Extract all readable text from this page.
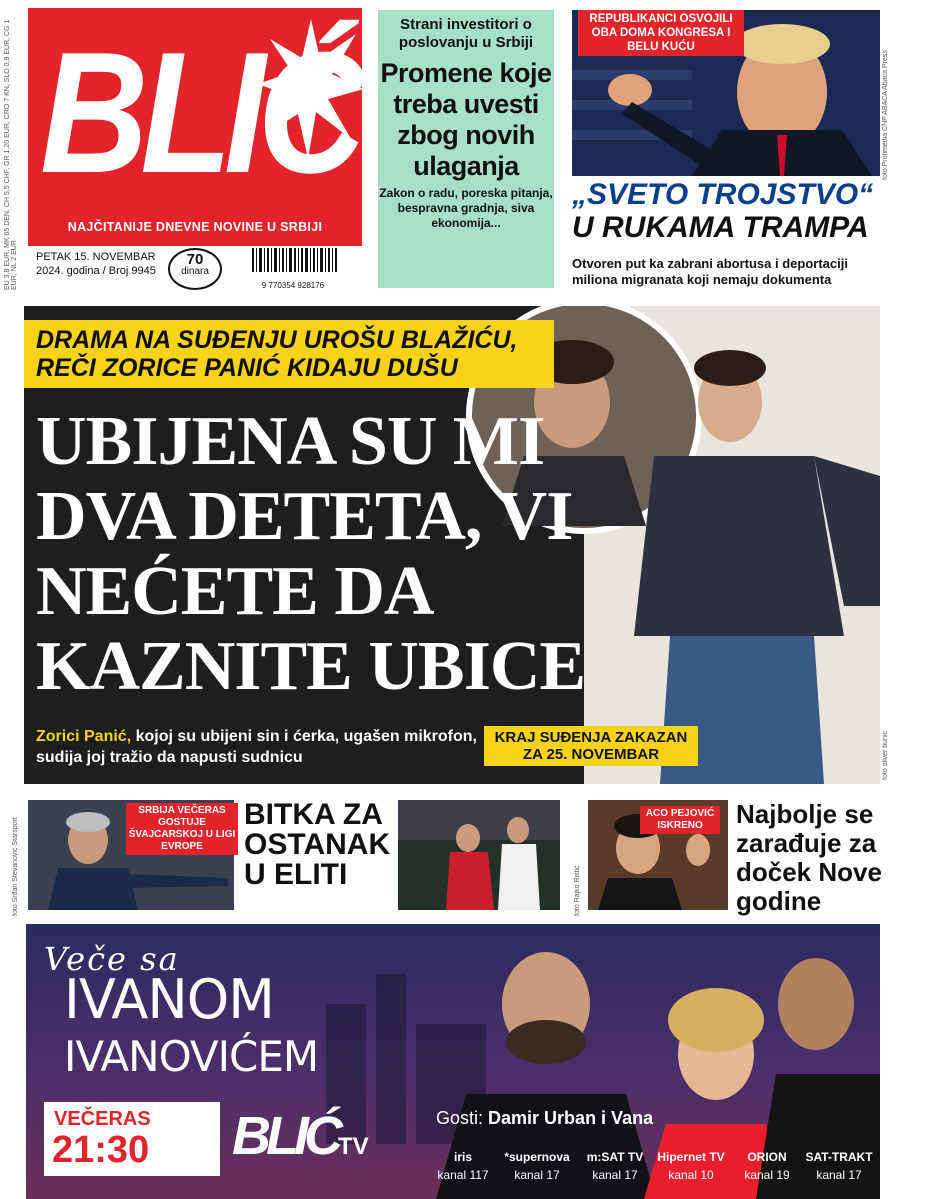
EU 3,8 EUR, MK 65 DEN, CH 5,5 CHF, GR 1,20 EUR, CRO 7 KN, SLO 0,9 EUR, CG 1 EUR, NL 2 EUR
BLIĆ
NAJČITANIJE DNEVNE NOVINE U SRBIJI
PETAK 15. NOVEMBAR
2024. godina / Broj 9945
70
dinara
9 770354 928176
Strani investitori o poslovanju u Srbiji
Promene koje treba uvesti zbog novih ulaganja
Zakon o radu, poreska pitanja, bespravna gradnja, siva ekonomija...
REPUBLIKANCI OSVOJILI OBA DOMA KONGRESA I BELU KUĆU
foto Profimedia CNP ABACA Abaca Press
„SVETO TROJSTVO“
U RUKAMA TRAMPA
Otvoren put ka zabrani abortusa i deportaciji miliona migranata koji nemaju dokumenta
DRAMA NA SUĐENJU UROŠU BLAŽIĆU, REČI ZORICE PANIĆ KIDAJU DUŠU
UBIJENA SU MI DVA DETETA, VI NEĆETE DA KAZNITE UBICE
Zorici Panić, kojoj su ubijeni sin i ćerka, ugašen mikrofon, sudija joj tražio da napusti sudnicu
KRAJ SUĐENJA ZAKAZAN ZA 25. NOVEMBAR	foto oliver bunic
foto Srđan Stevanović Starsport
SRBIJA VEČERAS GOSTUJE ŠVAJCARSKOJ U LIGI EVROPE
BITKA ZA OSTANAK U ELITI	foto Rajko Ristić
ACO PEJOVIĆ ISKRENO	Najbolje se zarađuje za doček Nove godine
Veče sa
IVANOM
IVANOVIĆEM
VEČERAS
21:30 BLIĆTV
Gosti: Damir Urban i Vana
iris
kanal 117
*supernova
kanal 17
m:SAT TV
kanal 17
Hipernet TV
kanal 10
ORION
kanal 19
SAT-TRAKT
kanal 17
